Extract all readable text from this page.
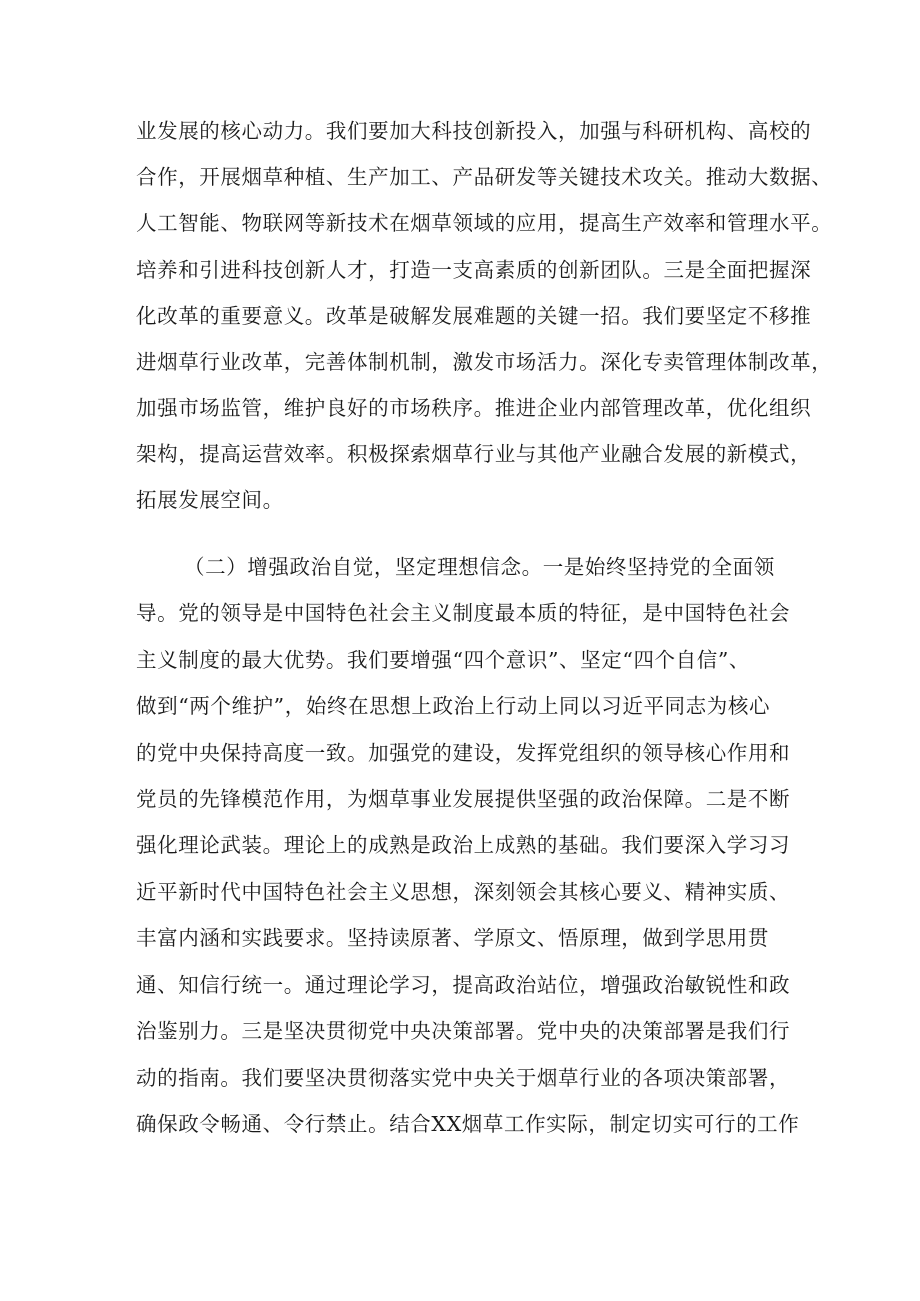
业发展的核心动力。我们要加大科技创新投入，加强与科研机构、高校的
合作，开展烟草种植、生产加工、产品研发等关键技术攻关。推动大数据、
人工智能、物联网等新技术在烟草领域的应用，提高生产效率和管理水平。
培养和引进科技创新人才，打造一支高素质的创新团队。三是全面把握深
化改革的重要意义。改革是破解发展难题的关键一招。我们要坚定不移推
进烟草行业改革，完善体制机制，激发市场活力。深化专卖管理体制改革，
加强市场监管，维护良好的市场秩序。推进企业内部管理改革，优化组织
架构，提高运营效率。积极探索烟草行业与其他产业融合发展的新模式，
拓展发展空间。
（二）增强政治自觉，坚定理想信念。一是始终坚持党的全面领
导。党的领导是中国特色社会主义制度最本质的特征，是中国特色社会
主义制度的最大优势。我们要增强“四个意识”、坚定“四个自信”、
做到“两个维护”，始终在思想上政治上行动上同以习近平同志为核心
的党中央保持高度一致。加强党的建设，发挥党组织的领导核心作用和
党员的先锋模范作用，为烟草事业发展提供坚强的政治保障。二是不断
强化理论武装。理论上的成熟是政治上成熟的基础。我们要深入学习习
近平新时代中国特色社会主义思想，深刻领会其核心要义、精神实质、
丰富内涵和实践要求。坚持读原著、学原文、悟原理，做到学思用贯
通、知信行统一。通过理论学习，提高政治站位，增强政治敏锐性和政
治鉴别力。三是坚决贯彻党中央决策部署。党中央的决策部署是我们行
动的指南。我们要坚决贯彻落实党中央关于烟草行业的各项决策部署，
确保政令畅通、令行禁止。结合XX烟草工作实际，制定切实可行的工作
